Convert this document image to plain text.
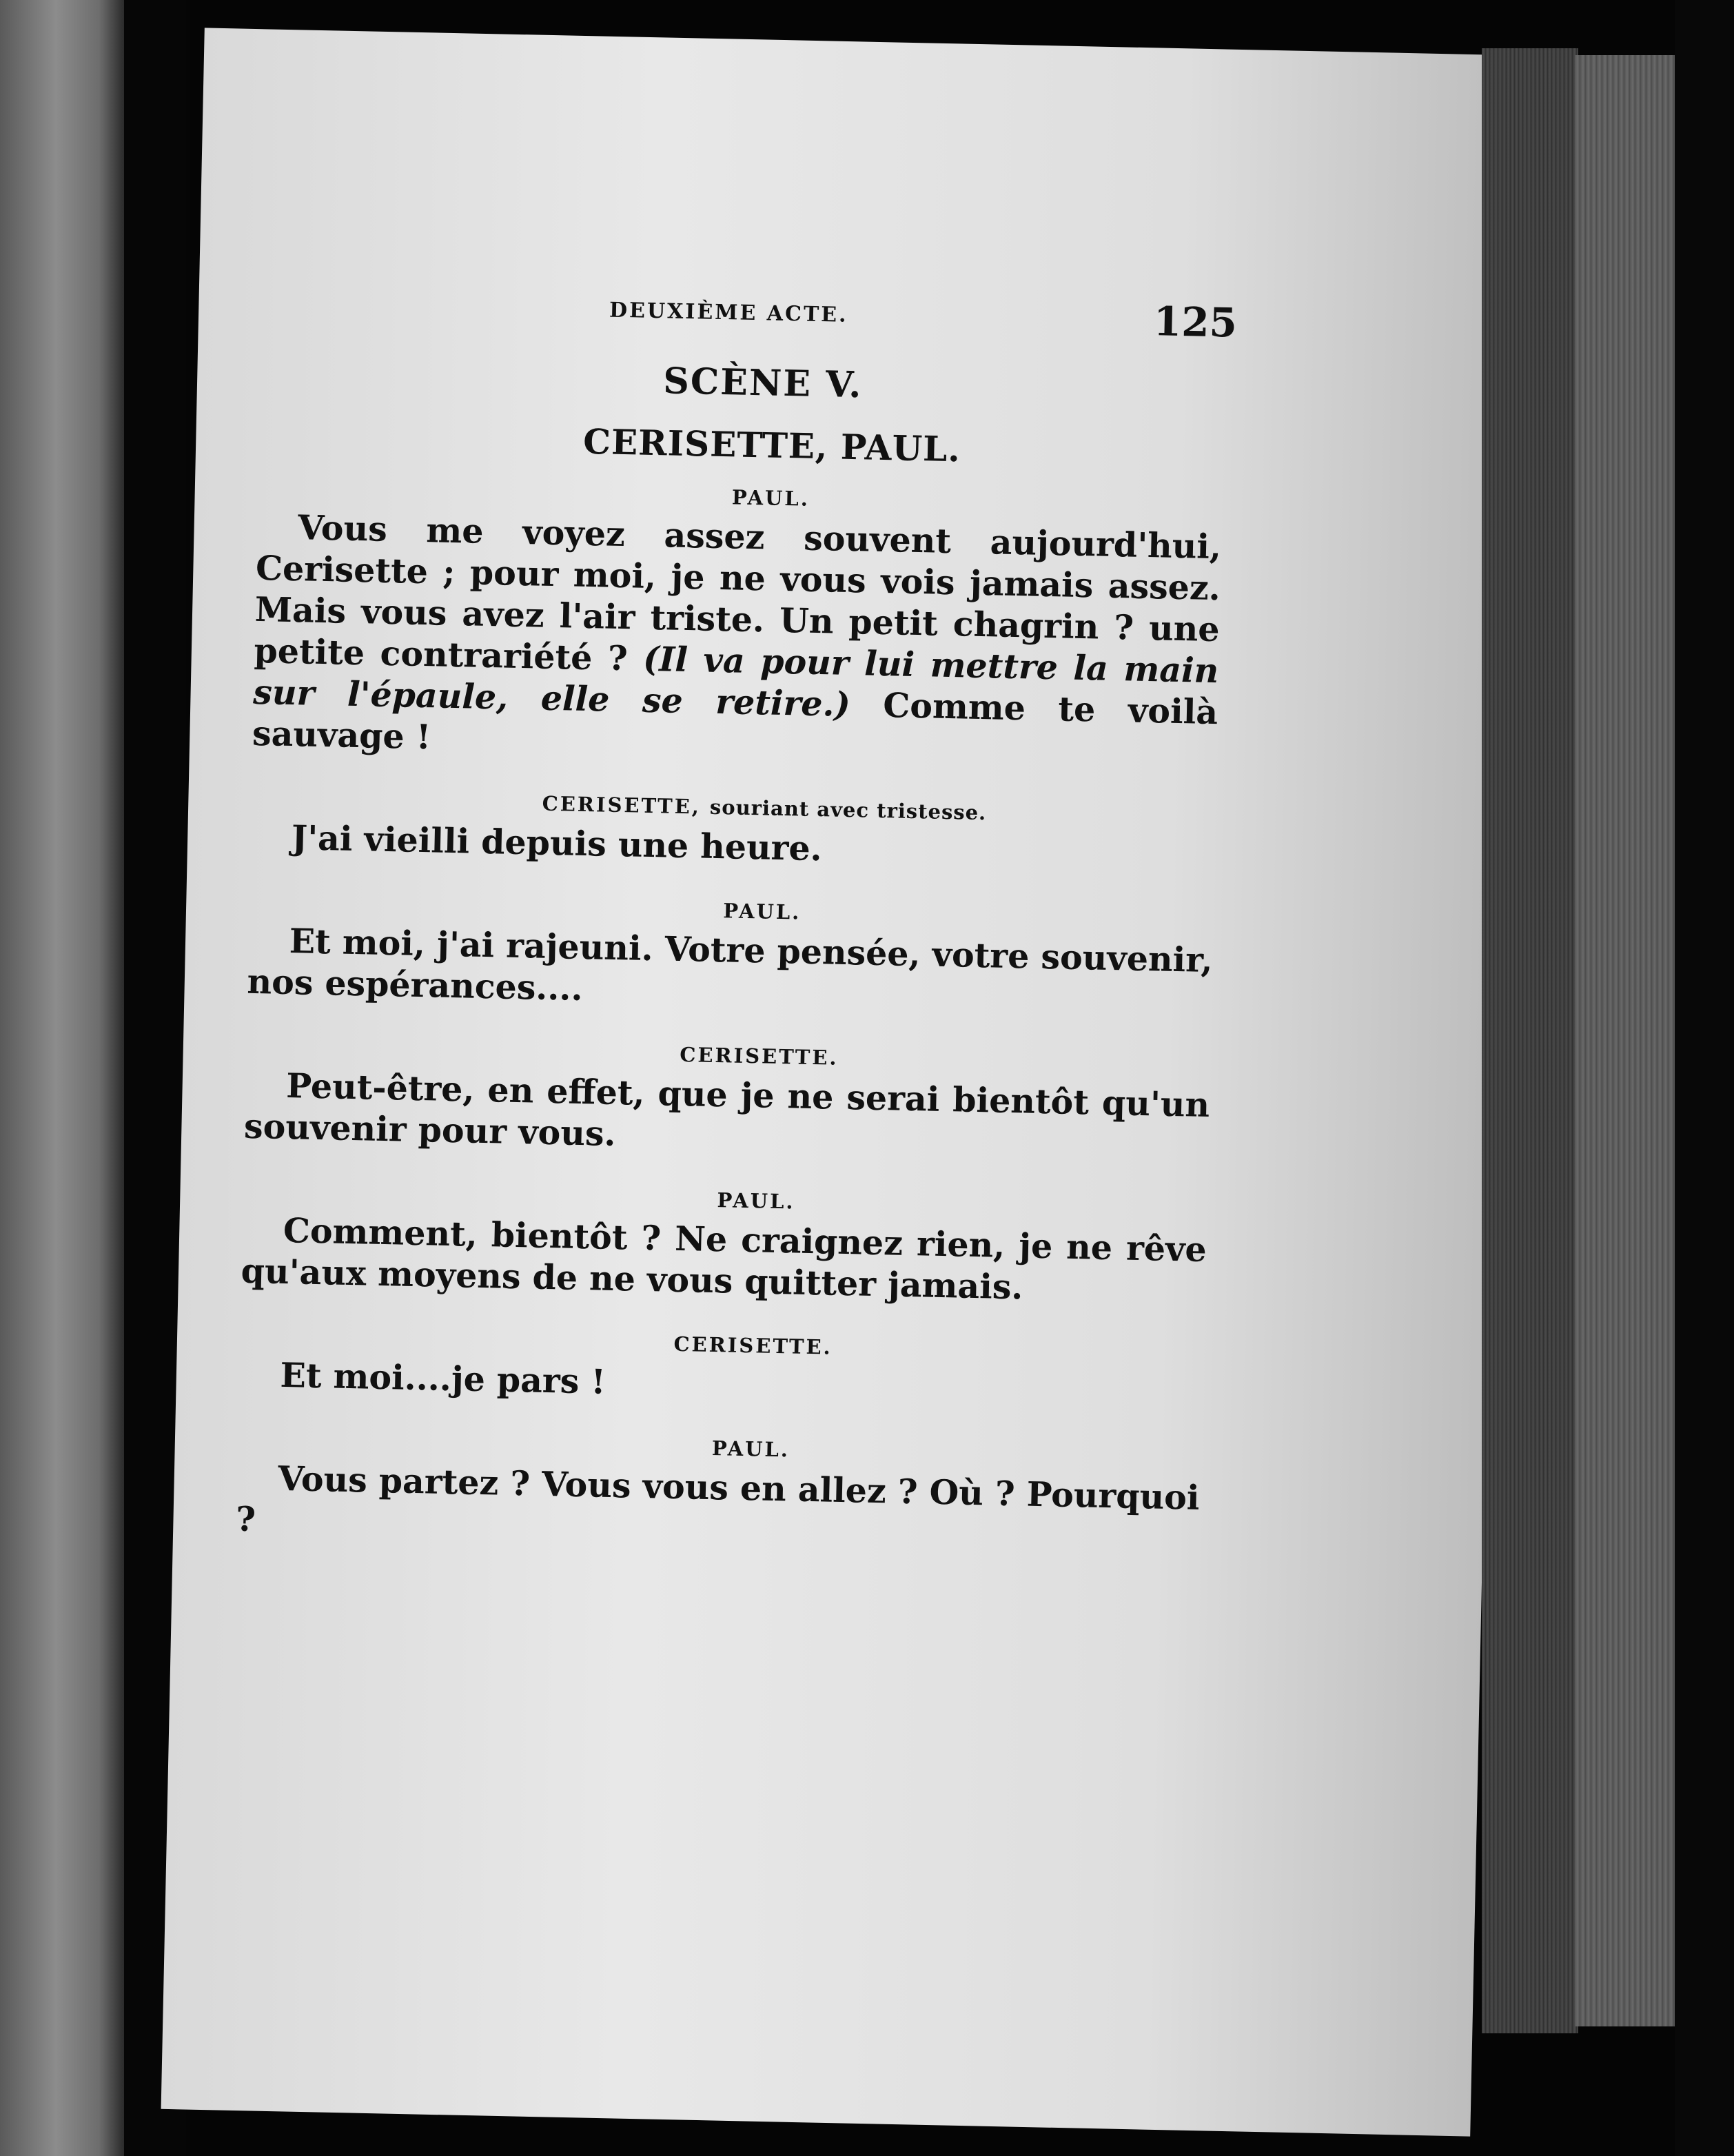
DEUXIÈME ACTE.	125
SCÈNE V.
CERISETTE, PAUL.
PAUL.
Vous me voyez assez souvent aujourd'hui, Cerisette ; pour moi, je ne vous vois jamais assez. Mais vous avez l'air triste. Un petit chagrin ? une petite contrariété ? (Il va pour lui mettre la main sur l'épaule, elle se retire.) Comme te voilà sauvage !
CERISETTE, souriant avec tristesse.
J'ai vieilli depuis une heure.
PAUL.
Et moi, j'ai rajeuni. Votre pensée, votre souvenir, nos espérances....
CERISETTE.
Peut-être, en effet, que je ne serai bientôt qu'un souvenir pour vous.
PAUL.
Comment, bientôt ? Ne craignez rien, je ne rêve qu'aux moyens de ne vous quitter jamais.
CERISETTE.
Et moi....je pars !
PAUL.
Vous partez ? Vous vous en allez ? Où ? Pourquoi ?
